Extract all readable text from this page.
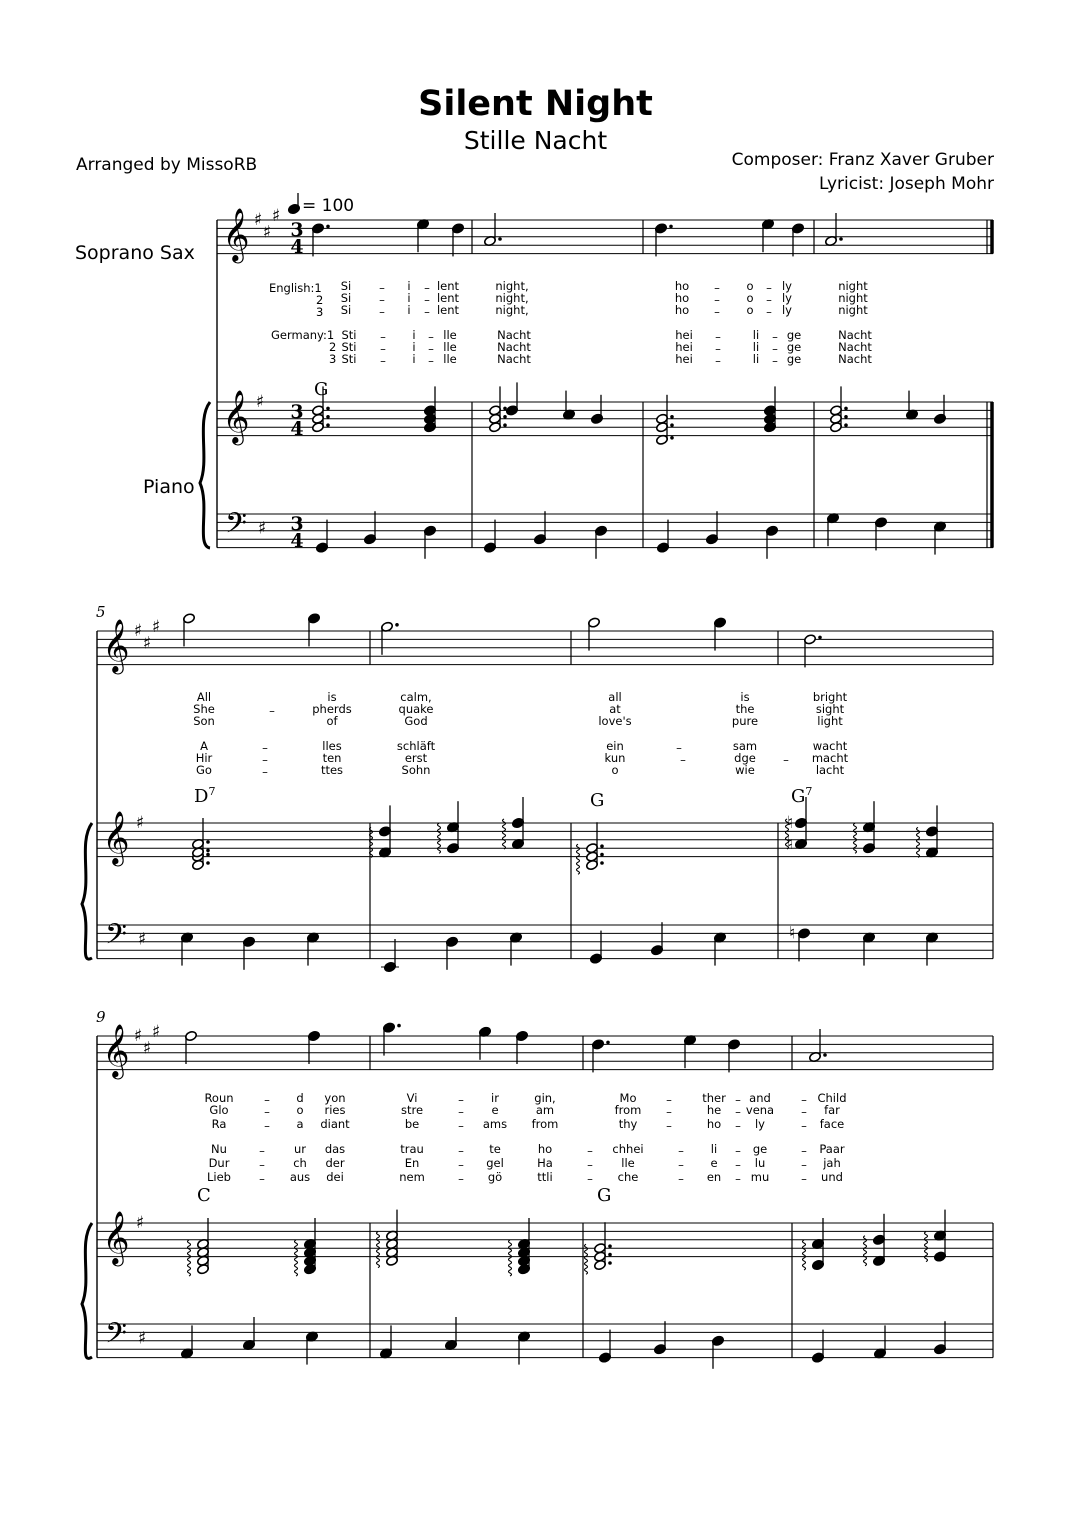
𝄞 ♯
♯
♯
3
4
𝄞 ♯ 3
4
𝄢 ♯ 3
4
𝄞 ♯
♯
♯
𝄞 ♯
𝄢 ♯
♮
♮
♮
𝄞 ♯
♯
♯
𝄞 ♯
𝄢 ♯
Silent Night
Stille Nacht
Arranged by MissoRB	Composer: Franz Xaver Gruber
Lyricist: Joseph Mohr
= 100
Soprano Sax
Piano
5
9
English:1
2
3
Germany:1
2
3
G
$D^7$	G	$G^7$
C	G
Si	i lent	night,	ho	o ly	night
Si	i lent	night,	ho	o ly	night
Si	i lent	night,	ho	o ly	night
Sti	i lle	Nacht	hei	li ge	Nacht
Sti	i lle	Nacht	hei	li ge	Nacht
Sti	i lle	Nacht	hei	li ge	Nacht
–	–	–	–
–	–	–	–
–	–	–	–
–	–	–	–
–	–	–	–
–	–	–	–
All	is	calm,	all	is	bright
She	pherds	quake	at	the	sight
Son	of	God	love's	pure	light
A	lles	schläft	ein	sam	wacht
Hir	ten	erst	kun	dge	macht
Go	ttes	Sohn	o	wie	lacht
–
–	–
–	–	–
–
Roun	d yon	Vi	ir	gin,	Mo	ther and	Child
Glo	o ries	stre	e	am	from	he vena	far
Ra	a diant	be	ams from	thy	ho	ly	face
Nu	ur das	trau	te	ho	chhei	li	ge	Paar
Dur	ch der	En	gel	Ha	lle	e	lu	jah
Lieb	aus dei	nem	gö	ttli	che	en	mu	und
–	–	–	–	–
–	–	–	–	–
–	–	–	–	–
–	–	–	–	–	–
–	–	–	–	–	–
–	–	–	–	–	–
